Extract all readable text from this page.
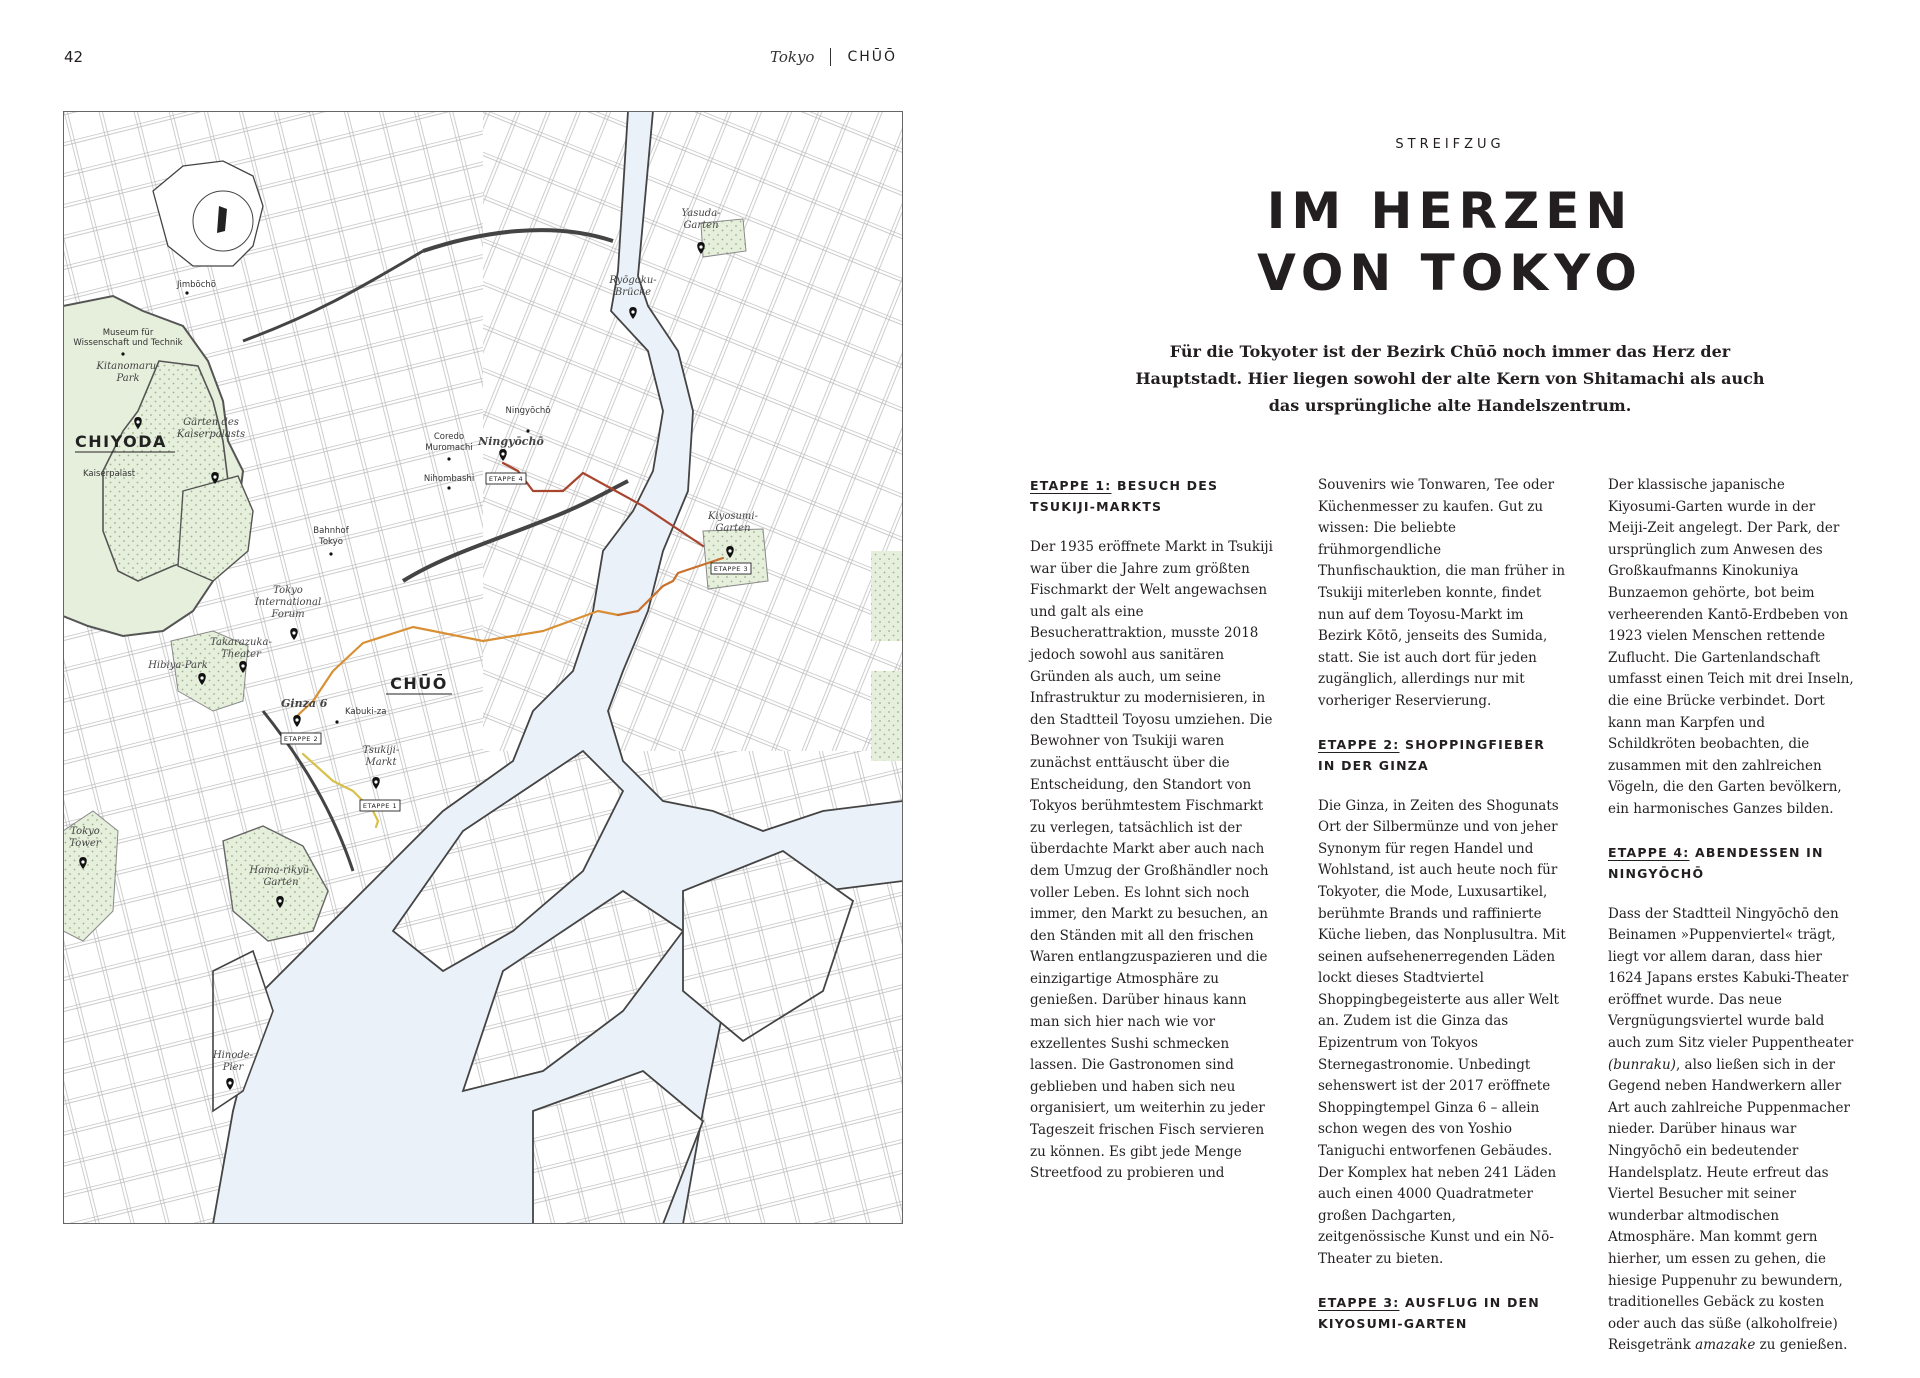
42	Tokyo CHŪŌ
ETAPPE 2
ETAPPE 1
ETAPPE 4
ETAPPE 3
Jimbōchō
Museum für
Wissenschaft und Technik
Kitanomaru-
Park
Gärten des
Kaiserpalasts
CHIYODA
Kaiserpalast
Bahnhof
Tokyo
Tokyo
International
Forum
Takarazuka-
Theater
Hibiya-Park
CHŪŌ
Ginza 6
Kabuki-za
Tsukiji-
Markt
Tokyo
Tower
Hama-rikyū-
Garten
Hinode-
Pier
Coredo
Muromachi
Nihombashi
Ningyōchō
Ningyōchō
Kiyosumi-
Garten
Ryōgoku-
Brücke
Yasuda-
Garten
STREIFZUG
IM HERZEN
VON TOKYO

Für die Tokyoter ist der Bezirk Chūō noch immer das Herz der Hauptstadt. Hier liegen sowohl der alte Kern von Shitamachi als auch das ursprüngliche alte Handelszentrum.

ETAPPE 1: BESUCH DES TSUKIJI-MARKTS

Der 1935 eröffnete Markt in Tsukiji war über die Jahre zum größten Fischmarkt der Welt angewachsen und galt als eine Besucherattraktion, musste 2018 jedoch sowohl aus sanitären Gründen als auch, um seine Infrastruktur zu modernisieren, in den Stadtteil Toyosu umziehen. Die Bewohner von Tsukiji waren zunächst enttäuscht über die Entscheidung, den Standort von Tokyos berühmtestem Fischmarkt zu verlegen, tatsächlich ist der überdachte Markt aber auch nach dem Umzug der Großhändler noch voller Leben. Es lohnt sich noch immer, den Markt zu besuchen, an den Ständen mit all den frischen Waren entlangzuspazieren und die einzigartige Atmosphäre zu genießen. Darüber hinaus kann man sich hier nach wie vor exzellentes Sushi schmecken lassen. Die Gastronomen sind geblieben und haben sich neu organisiert, um weiterhin zu jeder Tageszeit frischen Fisch servieren zu können. Es gibt jede Menge Streetfood zu probieren und

Souvenirs wie Tonwaren, Tee oder Küchenmesser zu kaufen. Gut zu wissen: Die beliebte frühmorgendliche Thunfischauktion, die man früher in Tsukiji miterleben konnte, findet nun auf dem Toyosu-Markt im Bezirk Kōtō, jenseits des Sumida, statt. Sie ist auch dort für jeden zugänglich, allerdings nur mit vorheriger Reservierung.

ETAPPE 2: SHOPPINGFIEBER IN DER GINZA

Die Ginza, in Zeiten des Shogunats Ort der Silbermünze und von jeher Synonym für regen Handel und Wohlstand, ist auch heute noch für Tokyoter, die Mode, Luxusartikel, berühmte Brands und raffinierte Küche lieben, das Nonplusultra. Mit seinen aufsehenerregenden Läden lockt dieses Stadtviertel Shoppingbegeisterte aus aller Welt an. Zudem ist die Ginza das Epizentrum von Tokyos Sternegastronomie. Unbedingt sehenswert ist der 2017 eröffnete Shoppingtempel Ginza 6 – allein schon wegen des von Yoshio Taniguchi entworfenen Gebäudes. Der Komplex hat neben 241 Läden auch einen 4000 Quadratmeter großen Dachgarten, zeitgenössische Kunst und ein Nō-Theater zu bieten.

ETAPPE 3: AUSFLUG IN DEN KIYOSUMI-GARTEN

Der klassische japanische Kiyosumi-Garten wurde in der Meiji-Zeit angelegt. Der Park, der ursprünglich zum Anwesen des Großkaufmanns Kinokuniya Bunzaemon gehörte, bot beim verheerenden Kantō-Erdbeben von 1923 vielen Menschen rettende Zuflucht. Die Gartenlandschaft umfasst einen Teich mit drei Inseln, die eine Brücke verbindet. Dort kann man Karpfen und Schildkröten beobachten, die zusammen mit den zahlreichen Vögeln, die den Garten bevölkern, ein harmonisches Ganzes bilden.

ETAPPE 4: ABENDESSEN IN NINGYŌCHŌ

Dass der Stadtteil Ningyōchō den Beinamen »Puppenviertel« trägt, liegt vor allem daran, dass hier 1624 Japans erstes Kabuki-Theater eröffnet wurde. Das neue Vergnügungsviertel wurde bald auch zum Sitz vieler Puppentheater (bunraku), also ließen sich in der Gegend neben Handwerkern aller Art auch zahlreiche Puppenmacher nieder. Darüber hinaus war Ningyōchō ein bedeutender Handelsplatz. Heute erfreut das Viertel Besucher mit seiner wunderbar altmodischen Atmosphäre. Man kommt gern hierher, um essen zu gehen, die hiesige Puppenuhr zu bewundern, traditionelles Gebäck zu kosten oder auch das süße (alkoholfreie) Reisgetränk amazake zu genießen.
